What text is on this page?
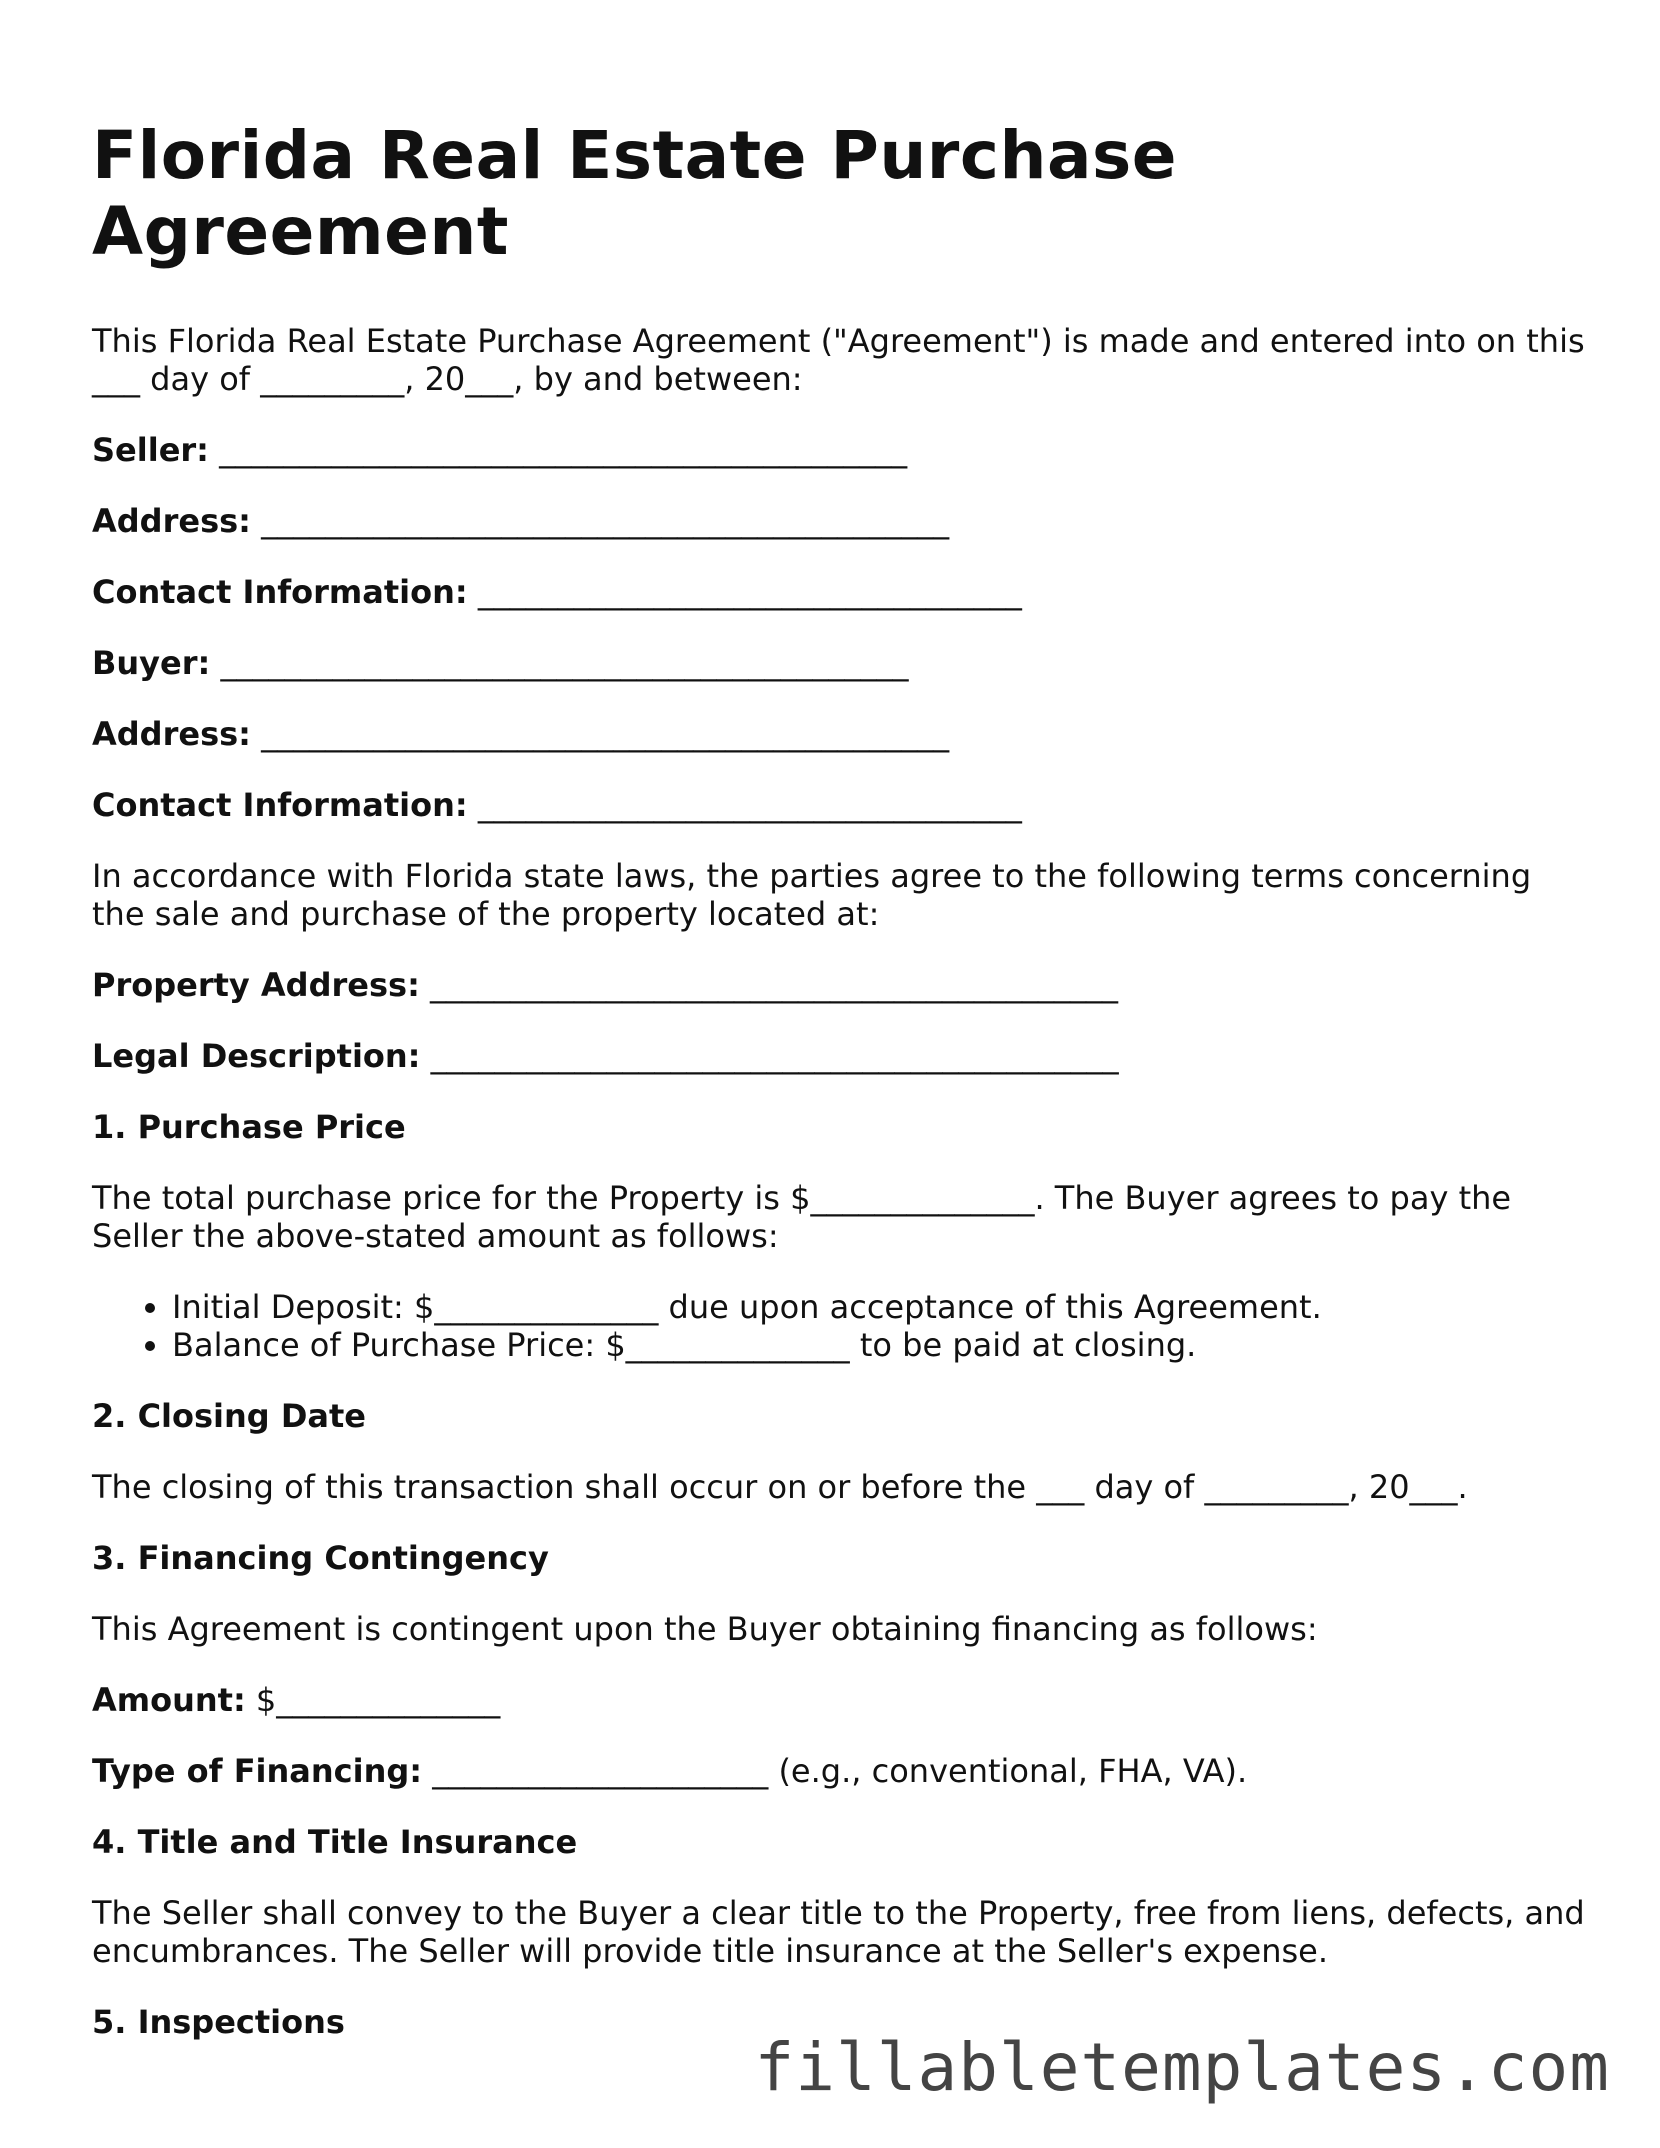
Florida Real Estate Purchase Agreement

This Florida Real Estate Purchase Agreement ("Agreement") is made and entered into on this ___ day of _________, 20___, by and between:

Seller: ___________________________________________
Address: ___________________________________________
Contact Information: __________________________________
Buyer: ___________________________________________
Address: ___________________________________________
Contact Information: __________________________________

In accordance with Florida state laws, the parties agree to the following terms concerning the sale and purchase of the property located at:

Property Address: ___________________________________________
Legal Description: ___________________________________________
1. Purchase Price

The total purchase price for the Property is $______________. The Buyer agrees to pay the Seller the above-stated amount as follows:

• Initial Deposit: $______________ due upon acceptance of this Agreement.
• Balance of Purchase Price: $______________ to be paid at closing.
2. Closing Date

The closing of this transaction shall occur on or before the ___ day of _________, 20___.

3. Financing Contingency

This Agreement is contingent upon the Buyer obtaining financing as follows:

Amount: $______________
Type of Financing: _____________________ (e.g., conventional, FHA, VA).
4. Title and Title Insurance

The Seller shall convey to the Buyer a clear title to the Property, free from liens, defects, and encumbrances. The Seller will provide title insurance at the Seller's expense.

5. Inspections
fillabletemplates.com
